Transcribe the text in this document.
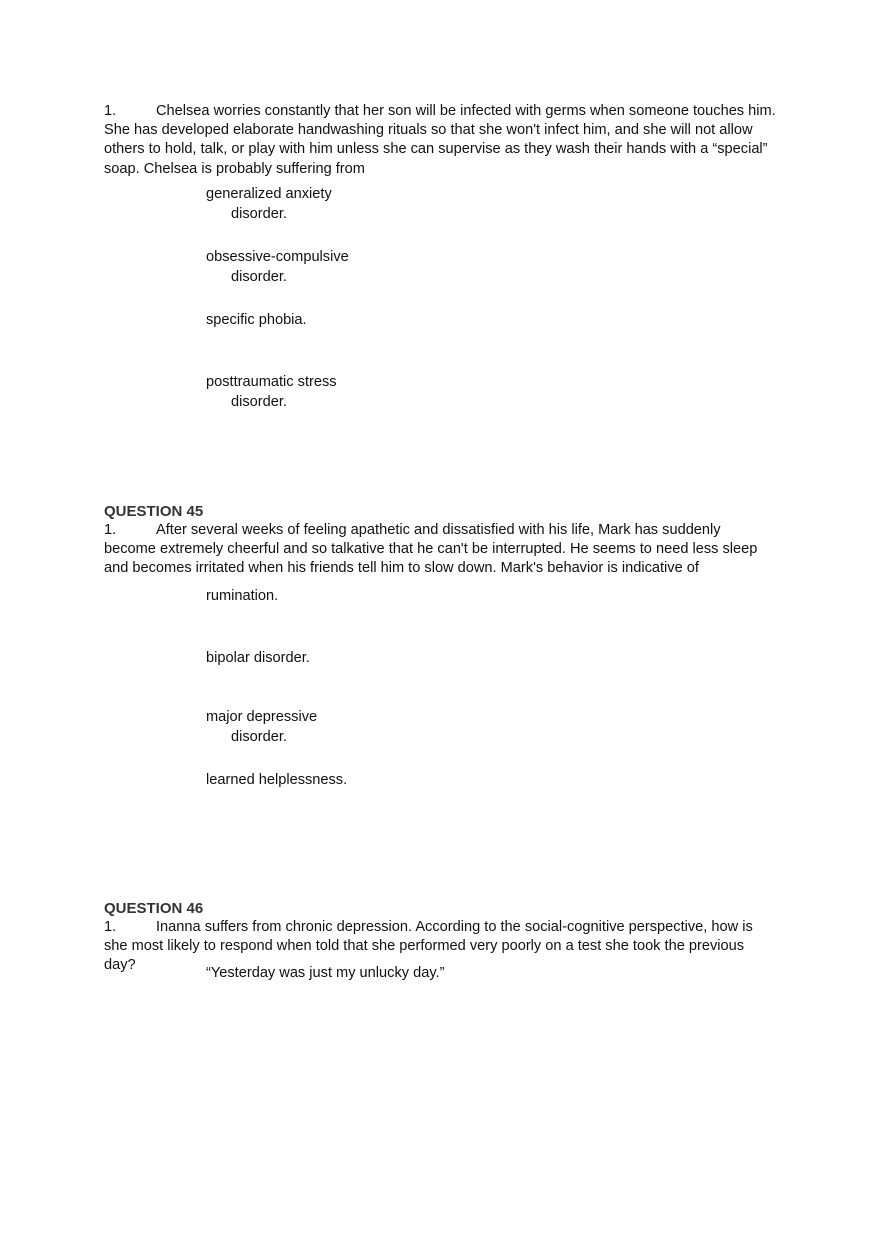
1.	Chelsea worries constantly that her son will be infected with germs when someone touches him. She has developed elaborate handwashing rituals so that she won't infect him, and she will not allow others to hold, talk, or play with him unless she can supervise as they wash their hands with a “special” soap. Chelsea is probably suffering from
generalized anxiety
disorder.
obsessive-compulsive
disorder.
specific phobia.
posttraumatic stress
disorder.
QUESTION 45
1.	After several weeks of feeling apathetic and dissatisfied with his life, Mark has suddenly become extremely cheerful and so talkative that he can't be interrupted. He seems to need less sleep and becomes irritated when his friends tell him to slow down. Mark's behavior is indicative of
rumination.
bipolar disorder.
major depressive
disorder.
learned helplessness.
QUESTION 46
1.	Inanna suffers from chronic depression. According to the social-cognitive perspective, how is she most likely to respond when told that she performed very poorly on a test she took the previous day?	“Yesterday was just my unlucky day.”
